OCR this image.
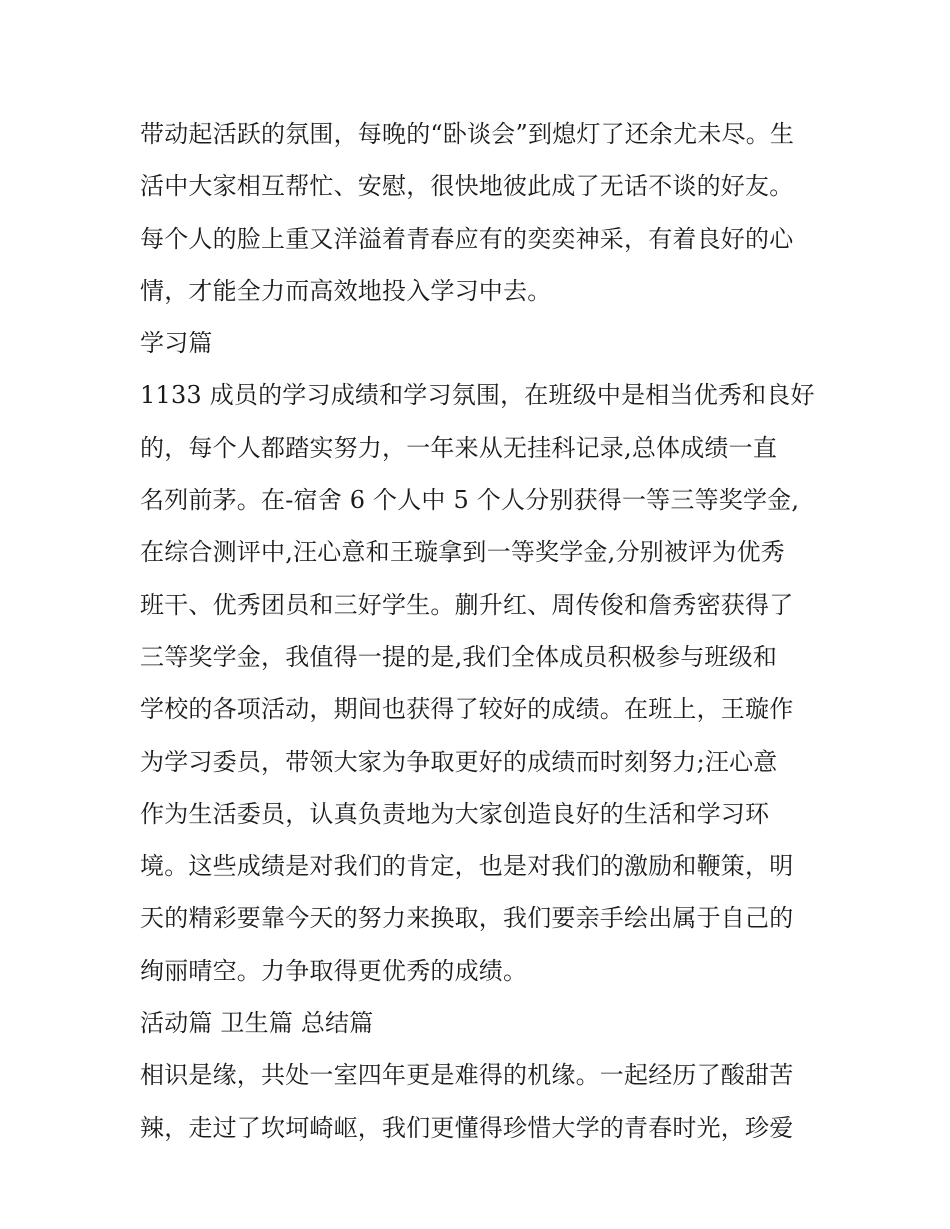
带动起活跃的氛围，每晚的“卧谈会”到熄灯了还余尤未尽。生
活中大家相互帮忙、安慰，很快地彼此成了无话不谈的好友。
每个人的脸上重又洋溢着青春应有的奕奕神采，有着良好的心
情，才能全力而高效地投入学习中去。
学习篇
1133 成员的学习成绩和学习氛围，在班级中是相当优秀和良好
的，每个人都踏实努力，一年来从无挂科记录,总体成绩一直
名列前茅。在-宿舍 6 个人中 5 个人分别获得一等三等奖学金,
在综合测评中,汪心意和王璇拿到一等奖学金,分别被评为优秀
班干、优秀团员和三好学生。蒯升红、周传俊和詹秀密获得了
三等奖学金，我值得一提的是,我们全体成员积极参与班级和
学校的各项活动，期间也获得了较好的成绩。在班上，王璇作
为学习委员，带领大家为争取更好的成绩而时刻努力;汪心意
作为生活委员，认真负责地为大家创造良好的生活和学习环
境。这些成绩是对我们的肯定，也是对我们的激励和鞭策，明
天的精彩要靠今天的努力来换取，我们要亲手绘出属于自己的
绚丽晴空。力争取得更优秀的成绩。
活动篇 卫生篇 总结篇
相识是缘，共处一室四年更是难得的机缘。一起经历了酸甜苦
辣，走过了坎坷崎岖，我们更懂得珍惜大学的青春时光，珍爱
